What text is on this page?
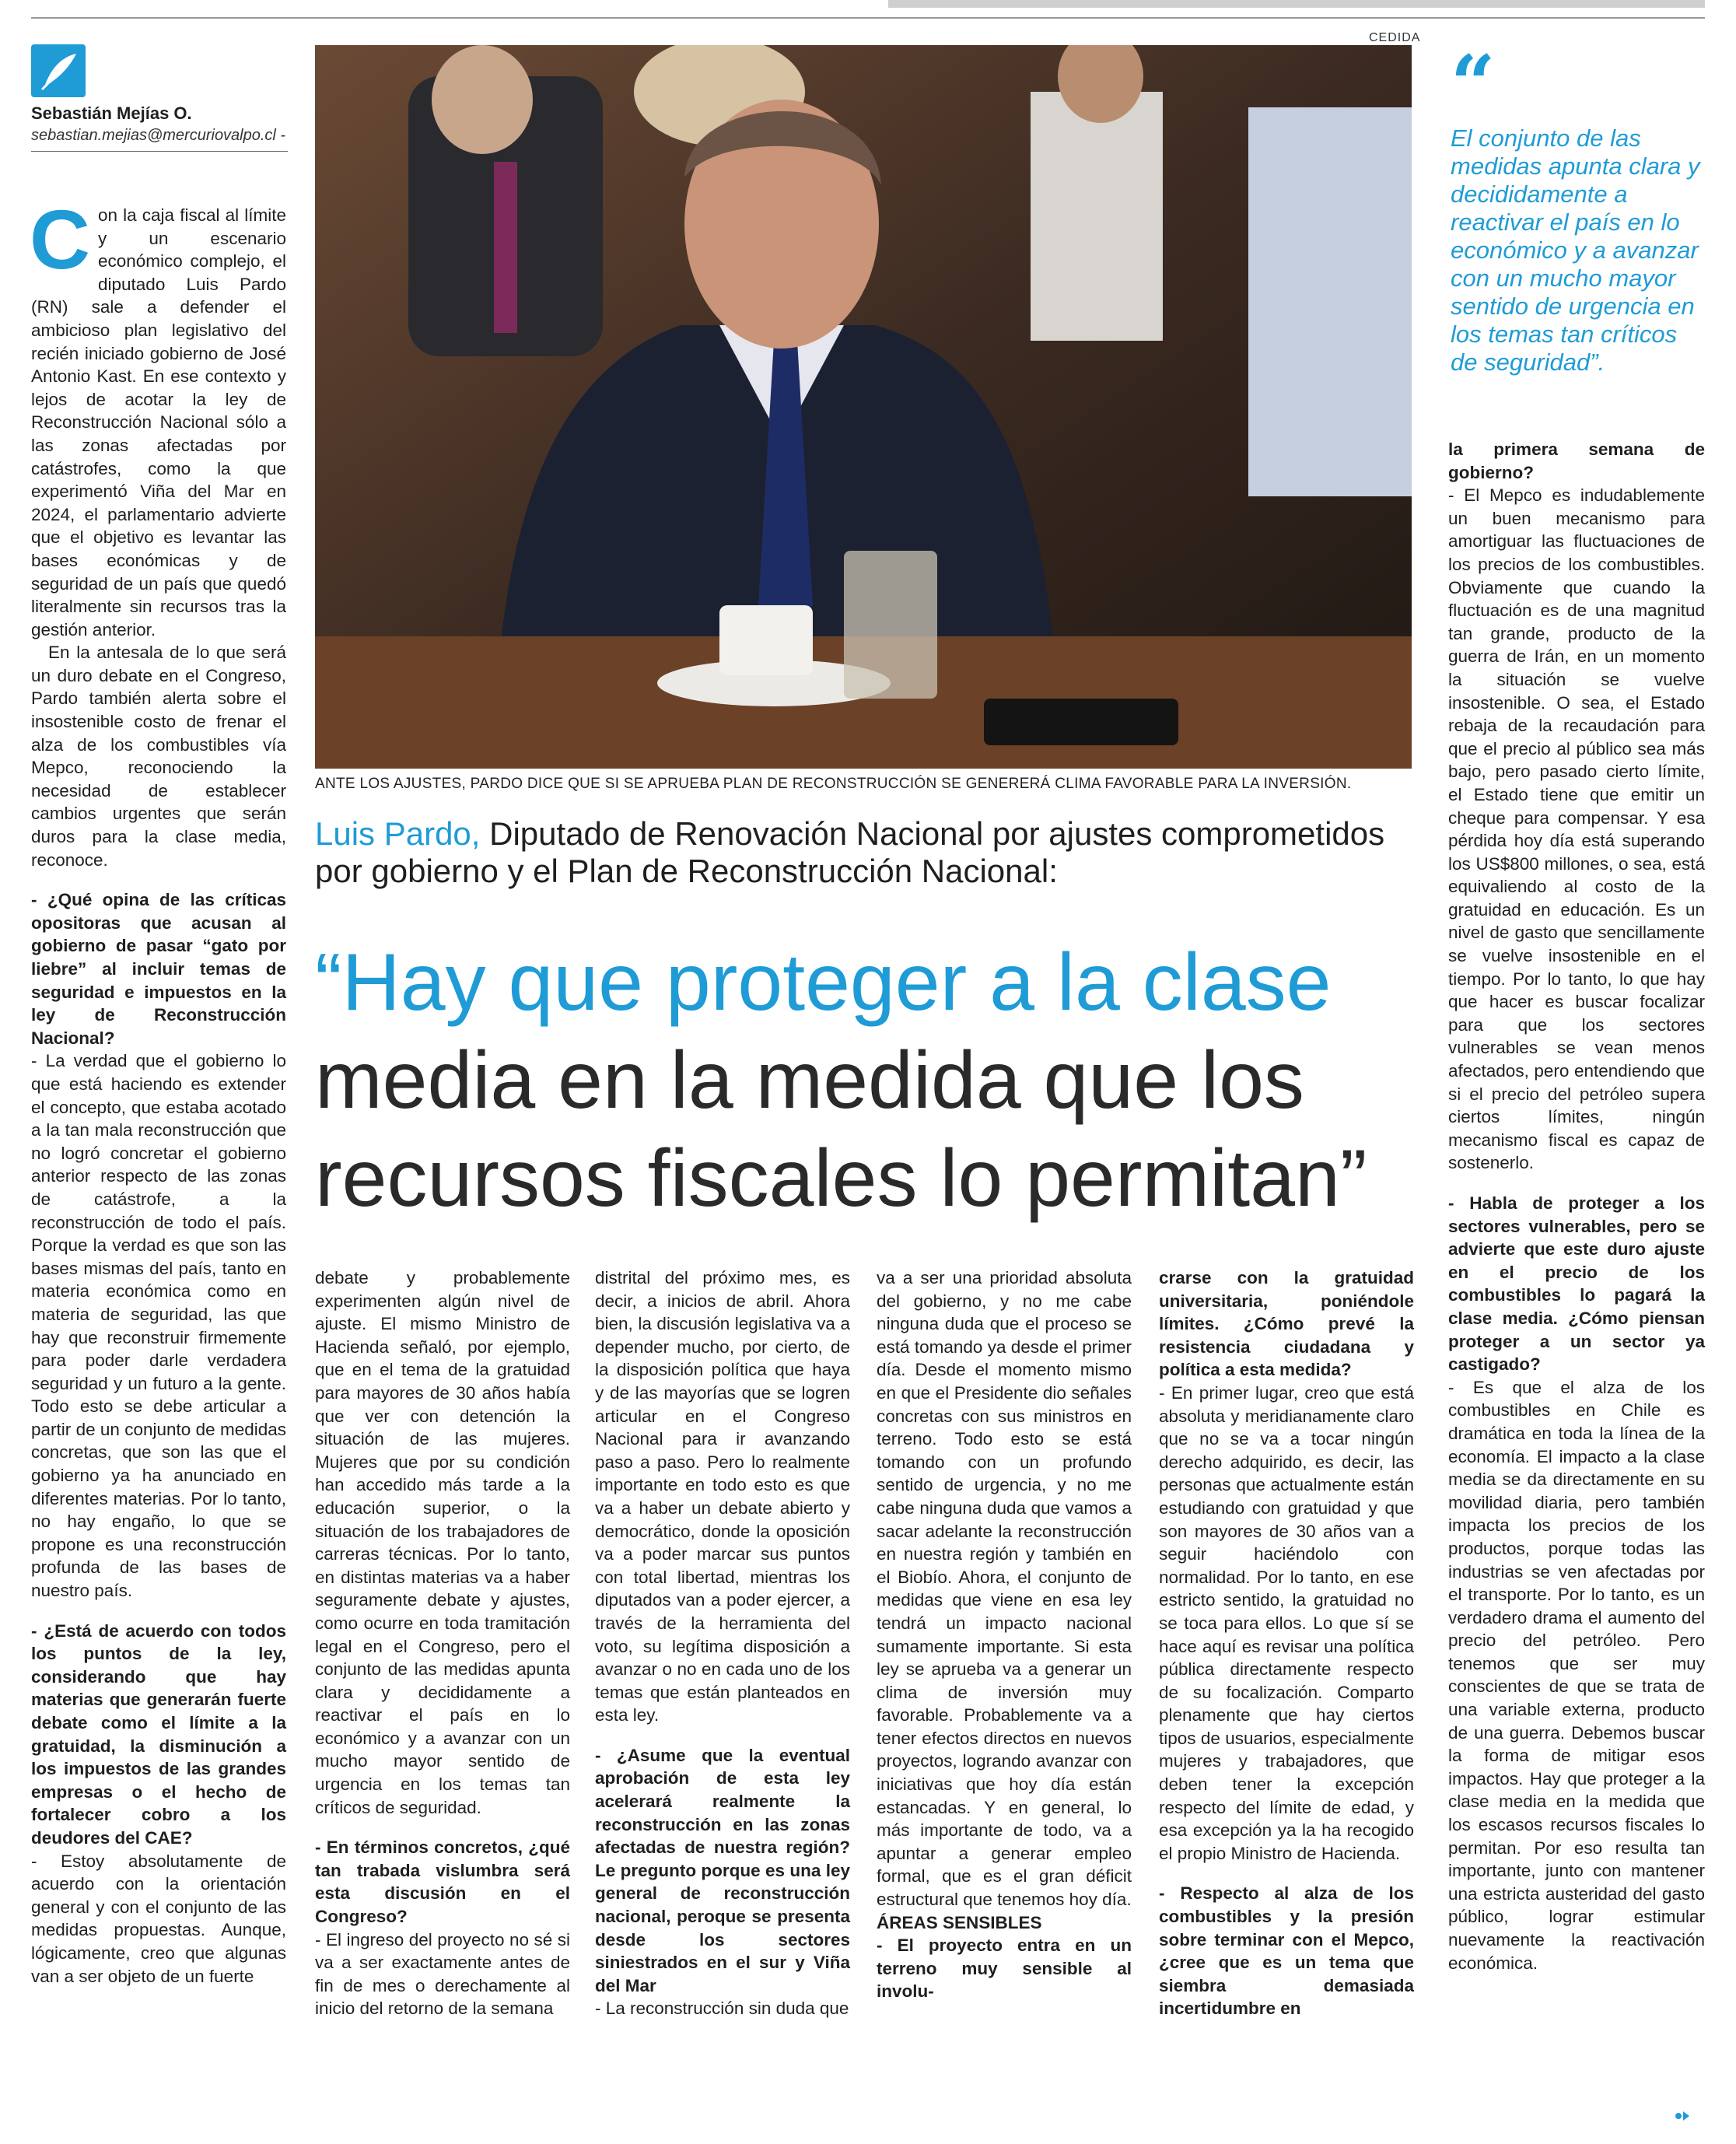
Sebastián Mejías O.
sebastian.mejias@mercuriovalpo.cl -

Con la caja fiscal al límite y un escenario económico complejo, el diputado Luis Pardo (RN) sale a defender el ambicioso plan legislativo del recién iniciado gobierno de José Antonio Kast. En ese contexto y lejos de acotar la ley de Reconstrucción Nacional sólo a las zonas afectadas por catástrofes, como la que experimentó Viña del Mar en 2024, el parlamentario advierte que el objetivo es levantar las bases económicas y de seguridad de un país que quedó literalmente sin recursos tras la gestión anterior.

En la antesala de lo que será un duro debate en el Congreso, Pardo también alerta sobre el insostenible costo de frenar el alza de los combustibles vía Mepco, reconociendo la necesidad de establecer cambios urgentes que serán duros para la clase media, reconoce.

- ¿Qué opina de las críticas opositoras que acusan al gobierno de pasar “gato por liebre” al incluir temas de seguridad e impuestos en la ley de Reconstrucción Nacional?

- La verdad que el gobierno lo que está haciendo es extender el concepto, que estaba acotado a la tan mala reconstrucción que no logró concretar el gobierno anterior respecto de las zonas de catástrofe, a la reconstrucción de todo el país. Porque la verdad es que son las bases mismas del país, tanto en materia económica como en materia de seguridad, las que hay que reconstruir firmemente para poder darle verdadera seguridad y un futuro a la gente. Todo esto se debe articular a partir de un conjunto de medidas concretas, que son las que el gobierno ya ha anunciado en diferentes materias. Por lo tanto, no hay engaño, lo que se propone es una reconstrucción profunda de las bases de nuestro país.

- ¿Está de acuerdo con todos los puntos de la ley, considerando que hay materias que generarán fuerte debate como el límite a la gratuidad, la disminución a los impuestos de las grandes empresas o el hecho de fortalecer cobro a los deudores del CAE?

- Estoy absolutamente de acuerdo con la orientación general y con el conjunto de las medidas propuestas. Aunque, lógicamente, creo que algunas van a ser objeto de un fuerte

CEDIDA
ANTE LOS AJUSTES, PARDO DICE QUE SI SE APRUEBA PLAN DE RECONSTRUCCIÓN SE GENERERÁ CLIMA FAVORABLE PARA LA INVERSIÓN.
Luis Pardo, Diputado de Renovación Nacional por ajustes comprometidos por gobierno y el Plan de Reconstrucción Nacional:
“Hay que proteger a la clase
media en la medida que los
recursos fiscales lo permitan”

debate y probablemente experimenten algún nivel de ajuste. El mismo Ministro de Hacienda señaló, por ejemplo, que en el tema de la gratuidad para mayores de 30 años había que ver con detención la situación de las mujeres. Mujeres que por su condición han accedido más tarde a la educación superior, o la situación de los trabajadores de carreras técnicas. Por lo tanto, en distintas materias va a haber seguramente debate y ajustes, como ocurre en toda tramitación legal en el Congreso, pero el conjunto de las medidas apunta clara y decididamente a reactivar el país en lo económico y a avanzar con un mucho mayor sentido de urgencia en los temas tan críticos de seguridad.

- En términos concretos, ¿qué tan trabada vislumbra será esta discusión en el Congreso?

- El ingreso del proyecto no sé si va a ser exactamente antes de fin de mes o derechamente al inicio del retorno de la semana

distrital del próximo mes, es decir, a inicios de abril. Ahora bien, la discusión legislativa va a depender mucho, por cierto, de la disposición política que haya y de las mayorías que se logren articular en el Congreso Nacional para ir avanzando paso a paso. Pero lo realmente importante en todo esto es que va a haber un debate abierto y democrático, donde la oposición va a poder marcar sus puntos con total libertad, mientras los diputados van a poder ejercer, a través de la herramienta del voto, su legítima disposición a avanzar o no en cada uno de los temas que están planteados en esta ley.

- ¿Asume que la eventual aprobación de esta ley acelerará realmente la reconstrucción en las zonas afectadas de nuestra región? Le pregunto porque es una ley general de reconstrucción nacional, peroque se presenta desde los sectores siniestrados en el sur y Viña del Mar

- La reconstrucción sin duda que

va a ser una prioridad absoluta del gobierno, y no me cabe ninguna duda que el proceso se está tomando ya desde el primer día. Desde el momento mismo en que el Presidente dio señales concretas con sus ministros en terreno. Todo esto se está tomando con un profundo sentido de urgencia, y no me cabe ninguna duda que vamos a sacar adelante la reconstrucción en nuestra región y también en el Biobío. Ahora, el conjunto de medidas que viene en esa ley tendrá un impacto nacional sumamente importante. Si esta ley se aprueba va a generar un clima de inversión muy favorable. Probablemente va a tener efectos directos en nuevos proyectos, logrando avanzar con iniciativas que hoy día están estancadas. Y en general, lo más importante de todo, va a apuntar a generar empleo formal, que es el gran déficit estructural que tenemos hoy día.

ÁREAS SENSIBLES

- El proyecto entra en un terreno muy sensible al involu-

crarse con la gratuidad universitaria, poniéndole límites. ¿Cómo prevé la resistencia ciudadana y política a esta medida?

- En primer lugar, creo que está absoluta y meridianamente claro que no se va a tocar ningún derecho adquirido, es decir, las personas que actualmente están estudiando con gratuidad y que son mayores de 30 años van a seguir haciéndolo con normalidad. Por lo tanto, en ese estricto sentido, la gratuidad no se toca para ellos. Lo que sí se hace aquí es revisar una política pública directamente respecto de su focalización. Comparto plenamente que hay ciertos tipos de usuarios, especialmente mujeres y trabajadores, que deben tener la excepción respecto del límite de edad, y esa excepción ya la ha recogido el propio Ministro de Hacienda.

- Respecto al alza de los combustibles y la presión sobre terminar con el Mepco, ¿cree que es un tema que siembra demasiada incertidumbre en

“
El conjunto de las medidas apunta clara y decididamente a reactivar el país en lo económico y a avanzar con un mucho mayor sentido de urgencia en los temas tan críticos de seguridad”.

la primera semana de gobierno?

- El Mepco es indudablemente un buen mecanismo para amortiguar las fluctuaciones de los precios de los combustibles. Obviamente que cuando la fluctuación es de una magnitud tan grande, producto de la guerra de Irán, en un momento la situación se vuelve insostenible. O sea, el Estado rebaja de la recaudación para que el precio al público sea más bajo, pero pasado cierto límite, el Estado tiene que emitir un cheque para compensar. Y esa pérdida hoy día está superando los US$800 millones, o sea, está equivaliendo al costo de la gratuidad en educación. Es un nivel de gasto que sencillamente se vuelve insostenible en el tiempo. Por lo tanto, lo que hay que hacer es buscar focalizar para que los sectores vulnerables se vean menos afectados, pero entendiendo que si el precio del petróleo supera ciertos límites, ningún mecanismo fiscal es capaz de sostenerlo.

- Habla de proteger a los sectores vulnerables, pero se advierte que este duro ajuste en el precio de los combustibles lo pagará la clase media. ¿Cómo piensan proteger a un sector ya castigado?

- Es que el alza de los combustibles en Chile es dramática en toda la línea de la economía. El impacto a la clase media se da directamente en su movilidad diaria, pero también impacta los precios de los productos, porque todas las industrias se ven afectadas por el transporte. Por lo tanto, es un verdadero drama el aumento del precio del petróleo. Pero tenemos que ser muy conscientes de que se trata de una variable externa, producto de una guerra. Debemos buscar la forma de mitigar esos impactos. Hay que proteger a la clase media en la medida que los escasos recursos fiscales lo permitan. Por eso resulta tan importante, junto con mantener una estricta austeridad del gasto público, lograr estimular nuevamente la reactivación económica.
